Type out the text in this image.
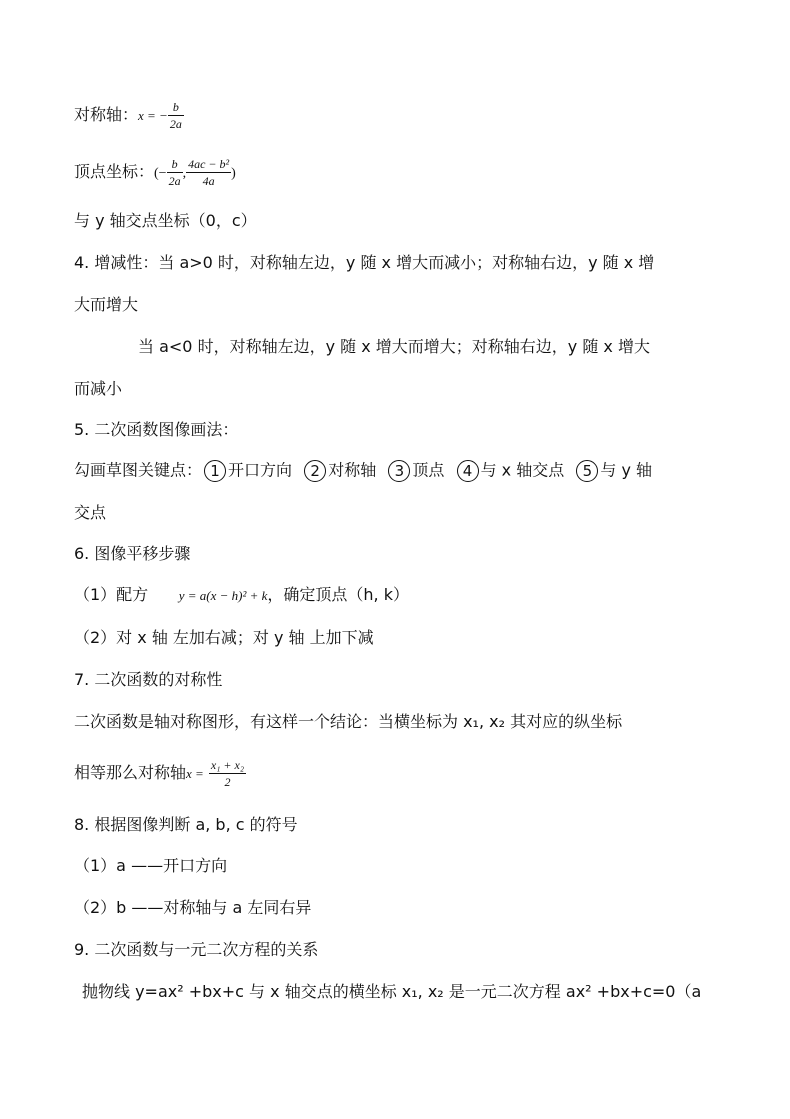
对称轴：x = − $\frac{b}{2a}$
顶点坐标：(− $\frac{b}{2a}$ , $\frac{\text{4ac − b²}}{4a}$ )
与 y 轴交点坐标（0，c）
4. 增减性：当 a>0 时，对称轴左边，y 随 x 增大而减小；对称轴右边，y 随 x 增
大而增大
当 a<0 时，对称轴左边，y 随 x 增大而增大；对称轴右边，y 随 x 增大
而减小
5. 二次函数图像画法：
勾画草图关键点： 1 开口方向 2 对称轴 3 顶点 4 与 x 轴交点 5 与 y 轴
交点
6. 图像平移步骤
（1）配方 y = a(x − h)² + k，确定顶点（h, k）
（2）对 x 轴 左加右减；对 y 轴 上加下减
7. 二次函数的对称性
二次函数是轴对称图形，有这样一个结论：当横坐标为 x₁, x₂ 其对应的纵坐标
相等那么对称轴$x = \frac{\text{x₁ + x₂}}{2}$
8. 根据图像判断 a, b, c 的符号
（1）a ——开口方向
（2）b ——对称轴与 a 左同右异
9. 二次函数与一元二次方程的关系
抛物线 y=ax² +bx+c 与 x 轴交点的横坐标 x₁, x₂ 是一元二次方程 ax² +bx+c=0（a
